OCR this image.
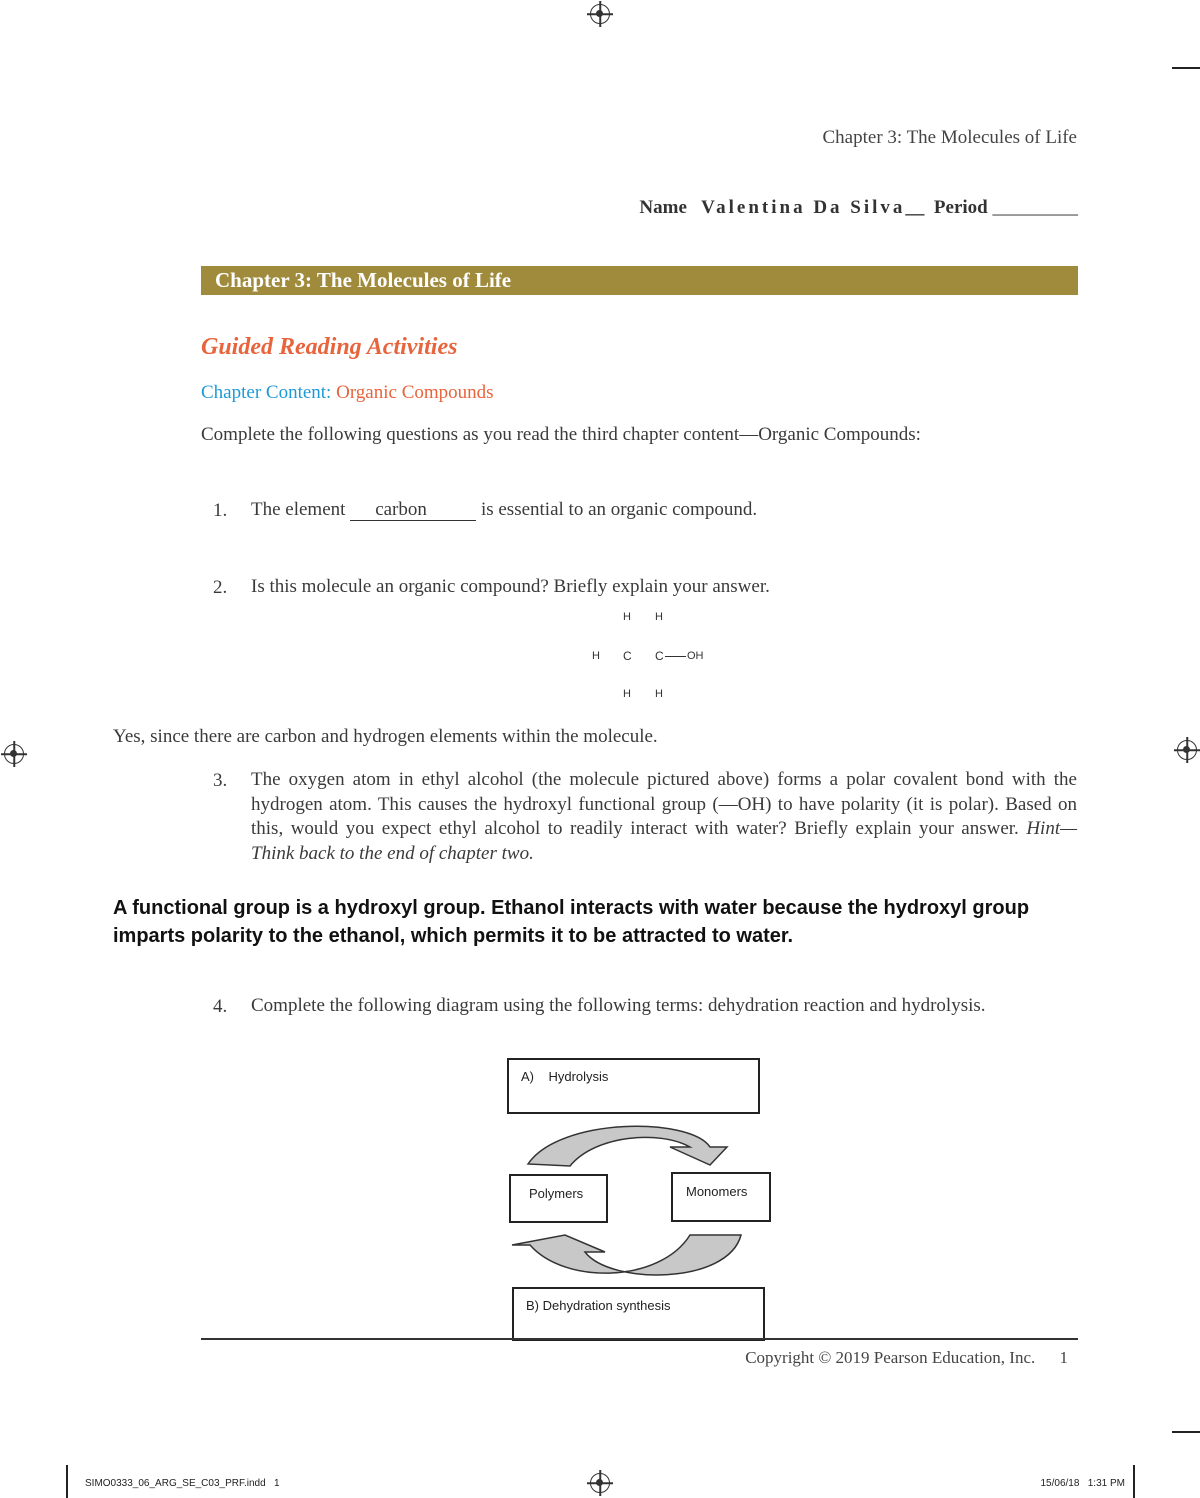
Chapter 3: The Molecules of Life
Name Valentina Da Silva__ Period _________
Chapter 3: The Molecules of Life
Guided Reading Activities
Chapter Content: Organic Compounds
Complete the following questions as you read the third chapter content—Organic Compounds:
1. The element carbon	is essential to an organic compound.
2. Is this molecule an organic compound? Briefly explain your answer.
H H
H C C OH
H H
Yes, since there are carbon and hydrogen elements within the molecule.
3. The oxygen atom in ethyl alcohol (the molecule pictured above) forms a polar covalent bond with the hydrogen atom. This causes the hydroxyl functional group (—OH) to have polarity (it is polar). Based on this, would you expect ethyl alcohol to readily interact with water? Briefly explain your answer. Hint—Think back to the end of chapter two.
A functional group is a hydroxyl group. Ethanol interacts with water because the hydroxyl group imparts polarity to the ethanol, which permits it to be attracted to water.
4. Complete the following diagram using the following terms: dehydration reaction and hydrolysis.
A)    Hydrolysis
Polymers	Monomers
B) Dehydration synthesis
Copyright © 2019 Pearson Education, Inc. 1
SIMO0333_06_ARG_SE_C03_PRF.indd   1	15/06/18   1:31 PM
